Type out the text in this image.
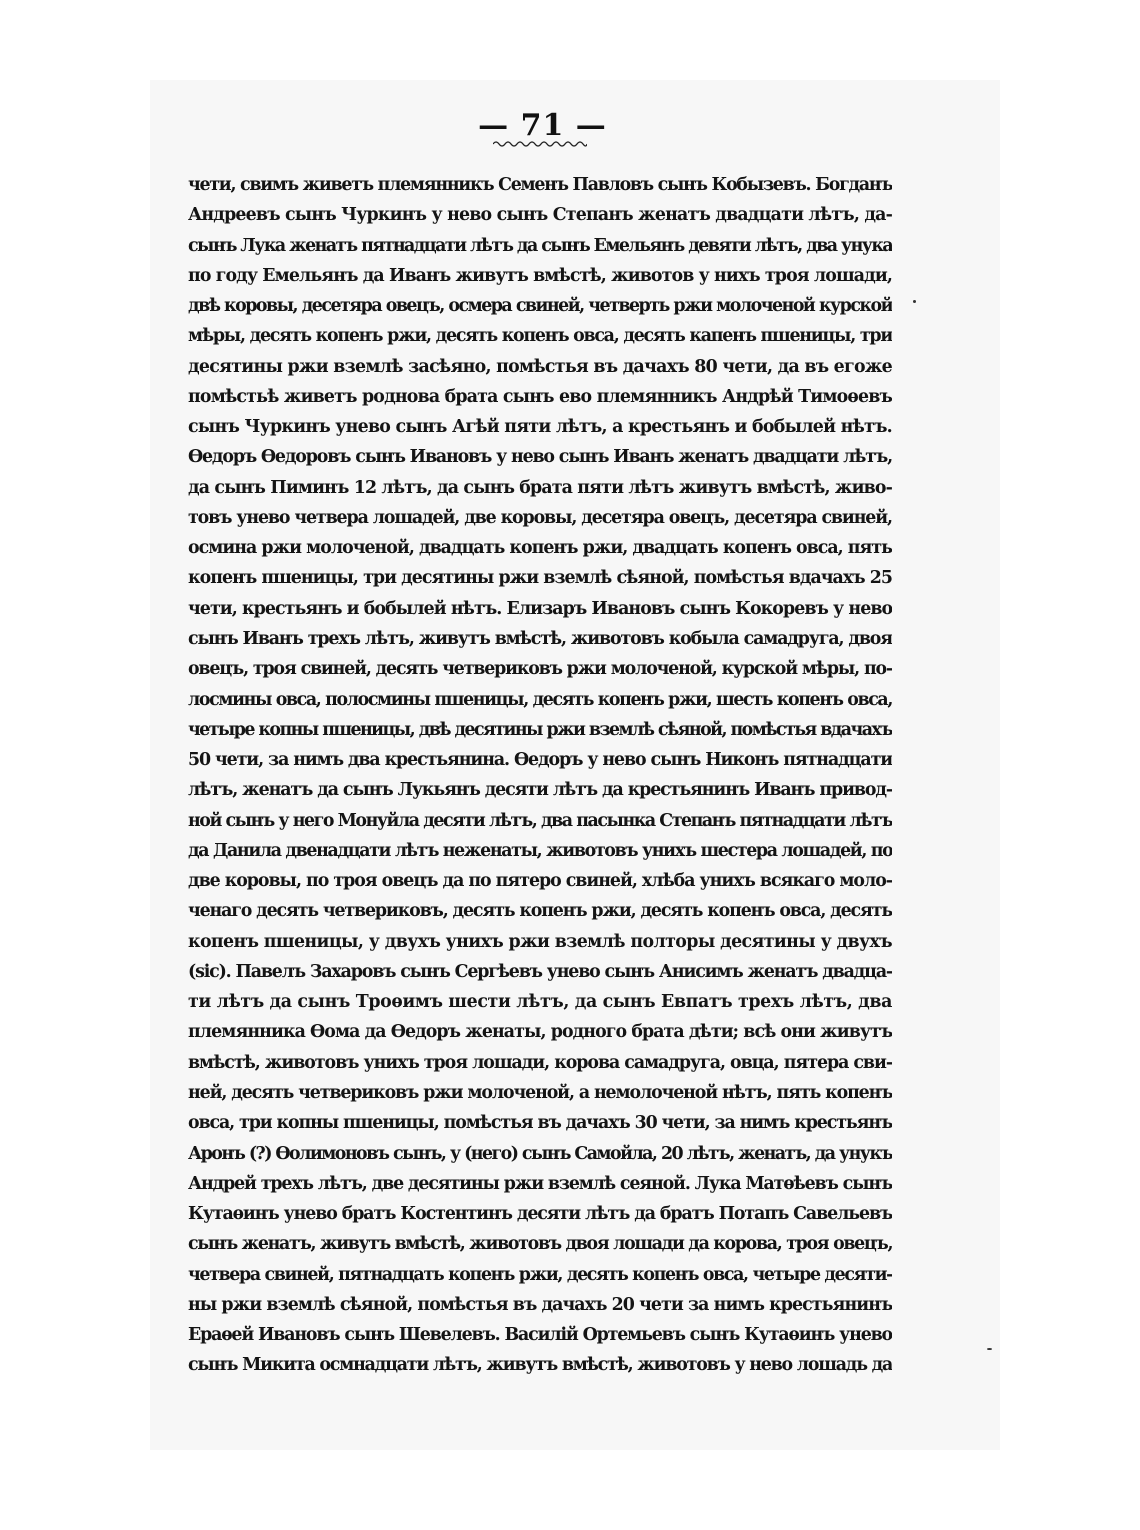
— 71 —
чети, свимъ живетъ племянникъ Семенъ Павловъ сынъ Кобызевъ. Богданъ
Андреевъ сынъ Чуркинъ у нево сынъ Степанъ женатъ двадцати лѣтъ, да-
сынъ Лука женатъ пятнадцати лѣтъ да сынъ Емельянъ девяти лѣтъ, два унука
по году Емельянъ да Иванъ живутъ вмѣстѣ, животов у нихъ троя лошади,
двѣ коровы, десетяра овецъ, осмера свиней, четверть ржи молоченой курской
мѣры, десять копенъ ржи, десять копенъ овса, десять капенъ пшеницы, три
десятины ржи вземлѣ засѣяно, помѣстья въ дачахъ 80 чети, да въ егоже
помѣстьѣ живетъ роднова брата сынъ ево племянникъ Андрѣй Тимоѳевъ
сынъ Чуркинъ унево сынъ Агѣй пяти лѣтъ, а крестьянъ и бобылей нѣтъ.
Ѳедоръ Ѳедоровъ сынъ Ивановъ у нево сынъ Иванъ женатъ двадцати лѣтъ,
да сынъ Пиминъ 12 лѣтъ, да сынъ брата пяти лѣтъ живутъ вмѣстѣ, живо-
товъ унево четвера лошадей, две коровы, десетяра овецъ, десетяра свиней,
осмина ржи молоченой, двадцать копенъ ржи, двадцать копенъ овса, пять
копенъ пшеницы, три десятины ржи вземлѣ сѣяной, помѣстья вдачахъ 25
чети, крестьянъ и бобылей нѣтъ. Елизаръ Ивановъ сынъ Кокоревъ у нево
сынъ Иванъ трехъ лѣтъ, живутъ вмѣстѣ, животовъ кобыла самадруга, двоя
овецъ, троя свиней, десять четвериковъ ржи молоченой, курской мѣры, по-
лосмины овса, полосмины пшеницы, десять копенъ ржи, шесть копенъ овса,
четыре копны пшеницы, двѣ десятины ржи вземлѣ сѣяной, помѣстья вдачахъ
50 чети, за нимъ два крестьянина. Ѳедоръ у нево сынъ Никонъ пятнадцати
лѣтъ, женатъ да сынъ Лукьянъ десяти лѣтъ да крестьянинъ Иванъ привод-
ной сынъ у него Монуйла десяти лѣтъ, два пасынка Степанъ пятнадцати лѣтъ
да Данила двенадцати лѣтъ неженаты, животовъ унихъ шестера лошадей, по
две коровы, по троя овецъ да по пятеро свиней, хлѣба унихъ всякаго моло-
ченаго десять четвериковъ, десять копенъ ржи, десять копенъ овса, десять
копенъ пшеницы, у двухъ унихъ ржи вземлѣ полторы десятины у двухъ
(sic). Павелъ Захаровъ сынъ Сергѣевъ унево сынъ Анисимъ женатъ двадца-
ти лѣтъ да сынъ Троѳимъ шести лѣтъ, да сынъ Евпатъ трехъ лѣтъ, два
племянника Ѳома да Ѳедоръ женаты, родного брата дѣти; всѣ они живутъ
вмѣстѣ, животовъ унихъ троя лошади, корова самадруга, овца, пятера сви-
ней, десять четвериковъ ржи молоченой, а немолоченой нѣтъ, пять копенъ
овса, три копны пшеницы, помѣстья въ дачахъ 30 чети, за нимъ крестьянъ
Аронъ (?) Ѳолимоновъ сынъ, у (него) сынъ Самойла, 20 лѣтъ, женатъ, да унукъ
Андрей трехъ лѣтъ, две десятины ржи вземлѣ сеяной. Лука Матѳѣевъ сынъ
Кутаѳинъ унево братъ Костентинъ десяти лѣтъ да братъ Потапъ Савельевъ
сынъ женатъ, живутъ вмѣстѣ, животовъ двоя лошади да корова, троя овецъ,
четвера свиней, пятнадцать копенъ ржи, десять копенъ овса, четыре десяти-
ны ржи вземлѣ сѣяной, помѣстья въ дачахъ 20 чети за нимъ крестьянинъ
Ераѳей Ивановъ сынъ Шевелевъ. Василій Ортемьевъ сынъ Кутаѳинъ унево
сынъ Микита осмнадцати лѣтъ, живутъ вмѣстѣ, животовъ у нево лошадь да
